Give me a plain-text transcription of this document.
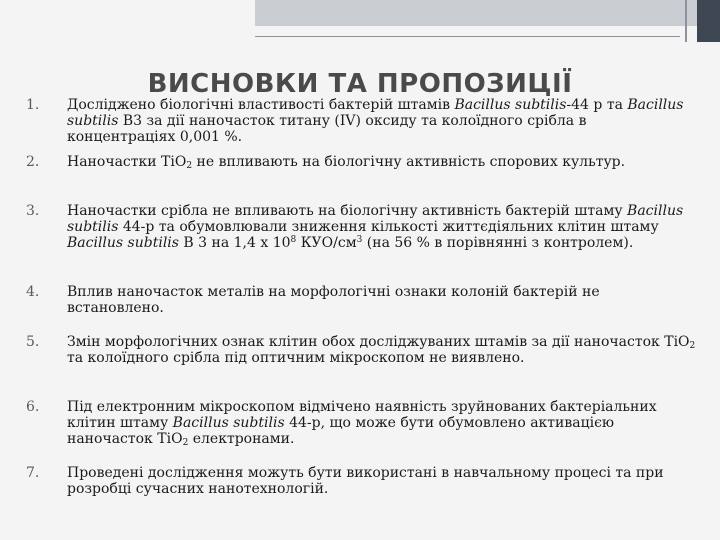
ВИСНОВКИ ТА ПРОПОЗИЦІЇ
1. Досліджено біологічні властивості бактерій штамів Bacillus subtilis-44 р та Bacillus subtilis В3 за дії наночасток титану (IV) оксиду та колоїдного срібла в концентраціях 0,001 %.
2. Наночастки TiO$_2$ не впливають на біологічну активність спорових культур.
3. Наночастки срібла не впливають на біологічну активність бактерій штаму Bacillus subtilis 44-р та обумовлювали зниження кількості життєдіяльних клітин штаму Bacillus subtilis В 3 на 1,4 х $10^8$ КУО/$см^3$ (на 56 % в порівнянні з контролем).
4. Вплив наночасток металів на морфологічні ознаки колоній бактерій не встановлено.
5. Змін морфологічних ознак клітин обох досліджуваних штамів за дії наночасток TiO$_2$ та колоїдного срібла під оптичним мікроскопом не виявлено.
6. Під електронним мікроскопом відмічено наявність зруйнованих бактеріальних клітин штаму Bacillus subtilis 44-р, що може бути обумовлено активацією наночасток TiO$_2$ електронами.
7. Проведені дослідження можуть бути використані в навчальному процесі та при розробці сучасних нанотехнологій.
